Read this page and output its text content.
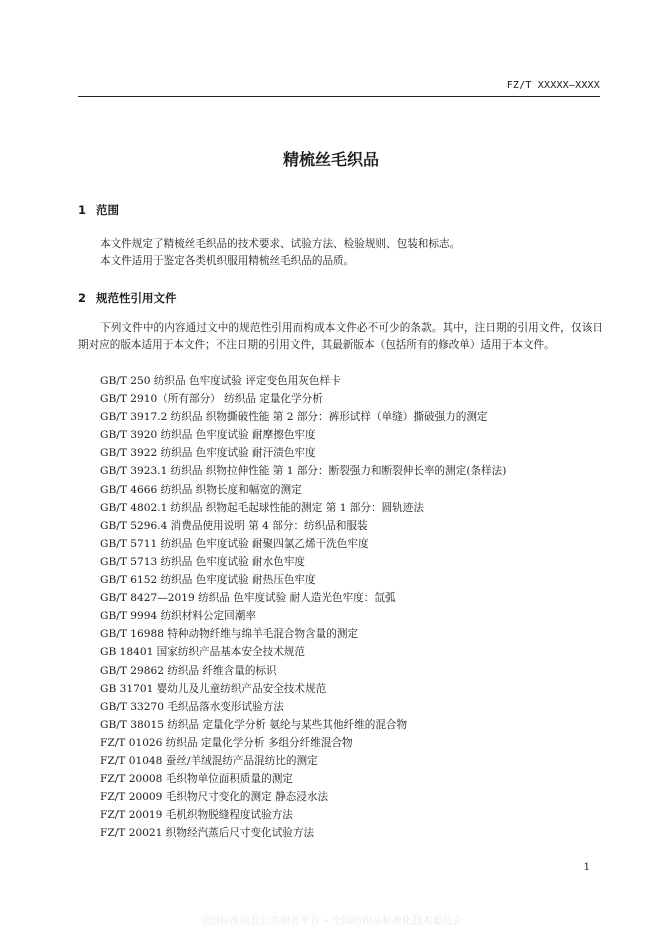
FZ/T XXXXX—XXXX
精梳丝毛织品
1 范围
本文件规定了精梳丝毛织品的技术要求、试验方法、检验规则、包装和标志。
本文件适用于鉴定各类机织服用精梳丝毛织品的品质。
2 规范性引用文件
下列文件中的内容通过文中的规范性引用而构成本文件必不可少的条款。其中，注日期的引用文件，仅该日期对应的版本适用于本文件；不注日期的引用文件，其最新版本（包括所有的修改单）适用于本文件。
GB/T 250 纺织品 色牢度试验 评定变色用灰色样卡
GB/T 2910（所有部分） 纺织品 定量化学分析
GB/T 3917.2 纺织品 织物撕破性能 第 2 部分：裤形试样（单缝）撕破强力的测定
GB/T 3920 纺织品 色牢度试验 耐摩擦色牢度
GB/T 3922 纺织品 色牢度试验 耐汗渍色牢度
GB/T 3923.1 纺织品 织物拉伸性能 第 1 部分：断裂强力和断裂伸长率的测定(条样法)
GB/T 4666 纺织品 织物长度和幅宽的测定
GB/T 4802.1 纺织品 织物起毛起球性能的测定 第 1 部分：圆轨迹法
GB/T 5296.4 消费品使用说明 第 4 部分：纺织品和服装
GB/T 5711 纺织品 色牢度试验 耐聚四氯乙烯干洗色牢度
GB/T 5713 纺织品 色牢度试验 耐水色牢度
GB/T 6152 纺织品 色牢度试验 耐热压色牢度
GB/T 8427—2019 纺织品 色牢度试验 耐人造光色牢度：氙弧
GB/T 9994 纺织材料公定回潮率
GB/T 16988 特种动物纤维与绵羊毛混合物含量的测定
GB 18401 国家纺织产品基本安全技术规范
GB/T 29862 纺织品 纤维含量的标识
GB 31701 婴幼儿及儿童纺织产品安全技术规范
GB/T 33270 毛织品落水变形试验方法
GB/T 38015 纺织品 定量化学分析 氨纶与某些其他纤维的混合物
FZ/T 01026 纺织品 定量化学分析 多组分纤维混合物
FZ/T 01048 蚕丝/羊绒混纺产品混纺比的测定
FZ/T 20008 毛织物单位面积质量的测定
FZ/T 20009 毛织物尺寸变化的测定 静态浸水法
FZ/T 20019 毛机织物脱缝程度试验方法
FZ/T 20021 织物经汽蒸后尺寸变化试验方法
1
全国标准信息公共服务平台 • 全国纺织品标准化技术委员会
